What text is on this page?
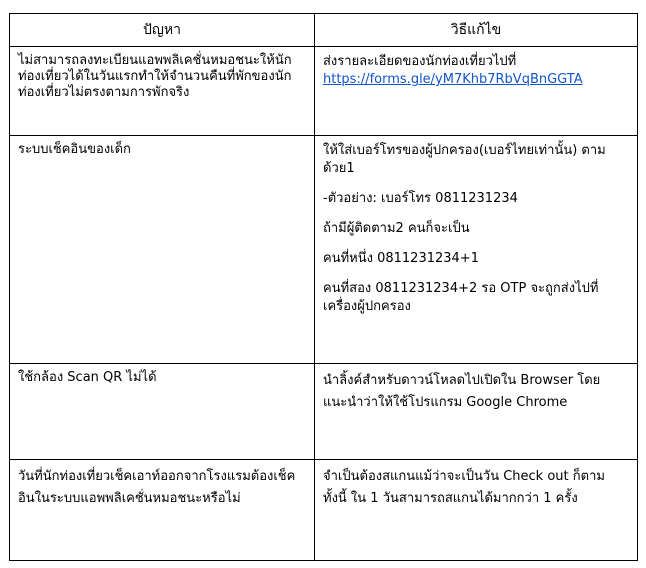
ปัญหา	วิธีแก้ไข

ไม่สามารถลงทะเบียนแอพพลิเคชั่นหมอชนะให้นักท่องเที่ยวได้ในวันแรกทำให้จำนวนคืนที่พักของนักท่องเที่ยวไม่ตรงตามการพักจริง	ส่งรายละเอียดของนักท่องเที่ยวไปที่

https://forms.gle/yM7Khb7RbVqBnGGTA

ระบบเช็คอินของเด็ก	ให้ใส่เบอร์โทรของผู้ปกครอง(เบอร์ไทยเท่านั้น) ตามด้วย1

-ตัวอย่าง: เบอร์โทร 0811231234

ถ้ามีผู้ติดตาม2 คนก็จะเป็น

คนที่หนึ่ง 0811231234+1

คนที่สอง 0811231234+2 รอ OTP จะถูกส่งไปที่เครื่องผู้ปกครอง

ใช้กล้อง Scan QR ไม่ได้	นำลิ้งค์สำหรับดาวน์โหลดไปเปิดใน Browser โดยแนะนำว่าให้ใช้โปรแกรม Google Chrome

วันที่นักท่องเที่ยวเช็คเอาท์ออกจากโรงแรมต้องเช็คอินในระบบแอพพลิเคชั่นหมอชนะหรือไม่	จำเป็นต้องสแกนแม้ว่าจะเป็นวัน Check out ก็ตาม ทั้งนี้ ใน 1 วันสามารถสแกนได้มากกว่า 1 ครั้ง
